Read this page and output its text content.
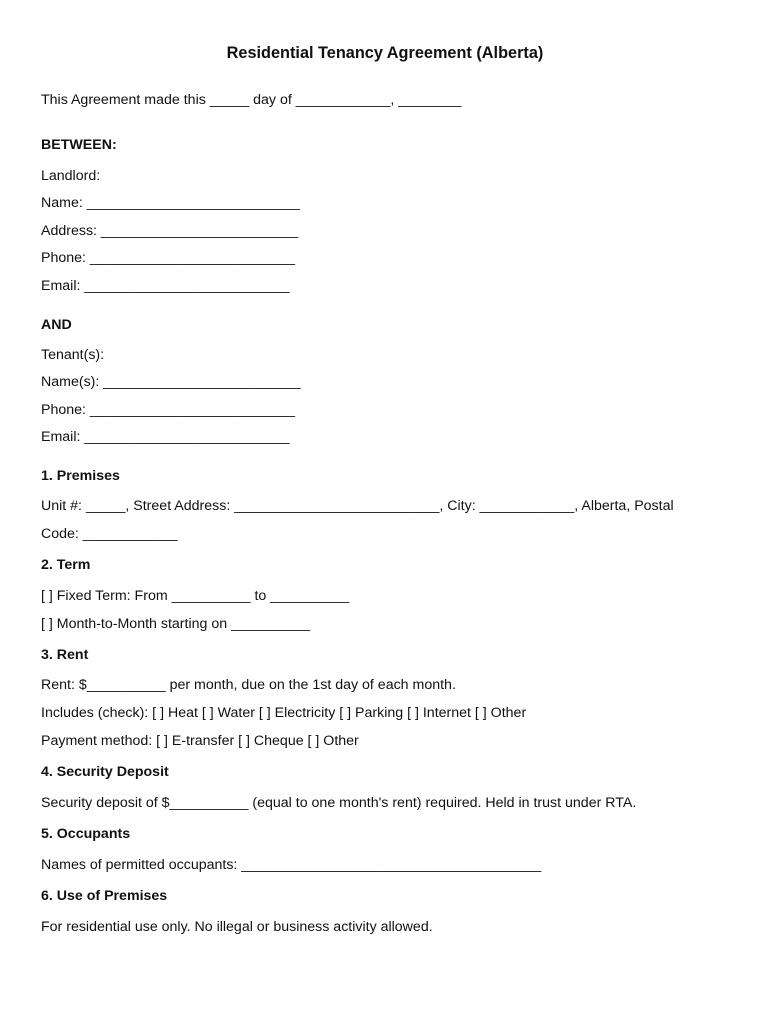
Residential Tenancy Agreement (Alberta)

This Agreement made this _____ day of ____________, ________

BETWEEN:

Landlord:

Name: ___________________________

Address: _________________________

Phone: __________________________

Email: __________________________

AND

Tenant(s):

Name(s): _________________________

Phone: __________________________

Email: __________________________

1. Premises

Unit #: _____, Street Address: __________________________, City: ____________, Alberta, Postal

Code: ____________

2. Term

[ ] Fixed Term: From __________ to __________

[ ] Month-to-Month starting on __________

3. Rent

Rent: $__________ per month, due on the 1st day of each month.

Includes (check): [ ] Heat [ ] Water [ ] Electricity [ ] Parking [ ] Internet [ ] Other

Payment method: [ ] E-transfer [ ] Cheque [ ] Other

4. Security Deposit

Security deposit of $__________ (equal to one month's rent) required. Held in trust under RTA.

5. Occupants

Names of permitted occupants: ______________________________________

6. Use of Premises

For residential use only. No illegal or business activity allowed.
